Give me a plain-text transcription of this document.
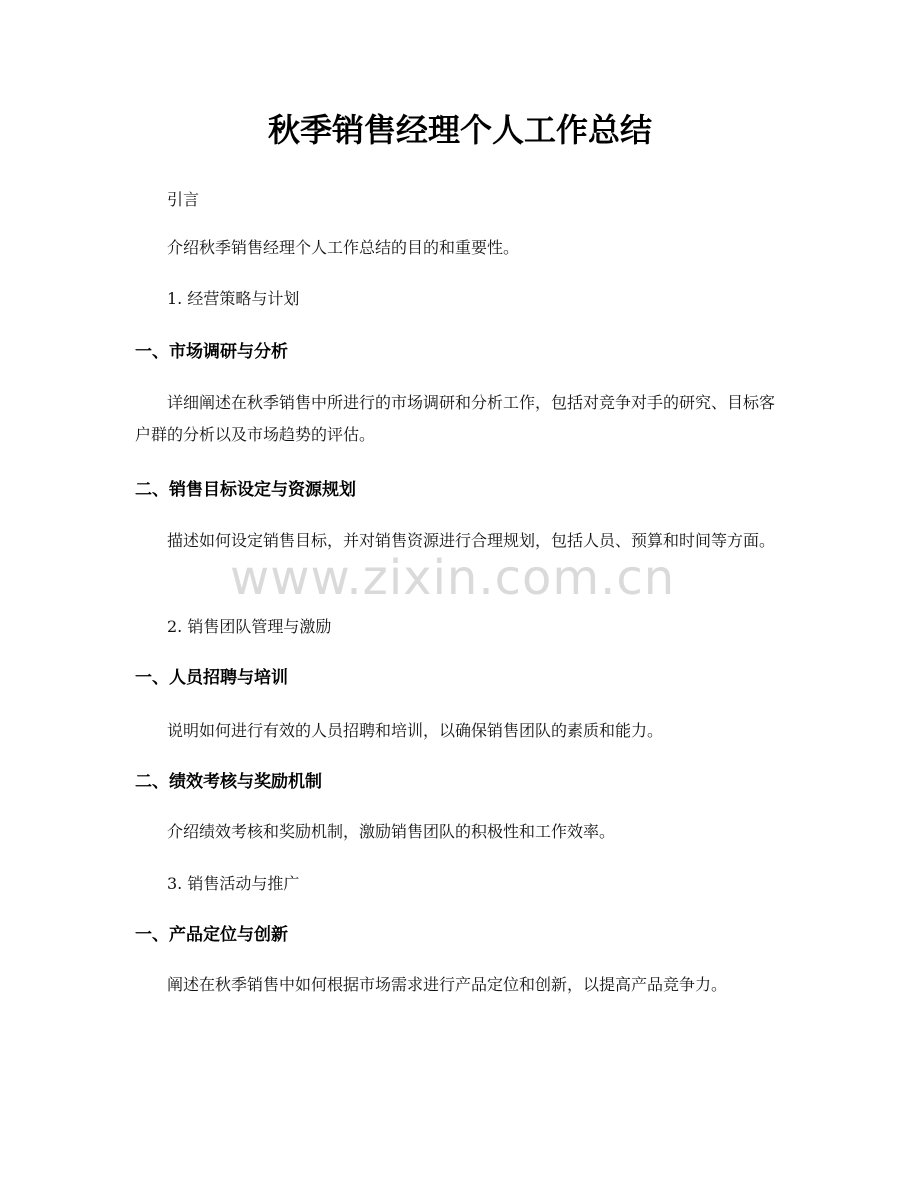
秋季销售经理个人工作总结

引言

介绍秋季销售经理个人工作总结的目的和重要性。

1. 经营策略与计划

一、市场调研与分析

详细阐述在秋季销售中所进行的市场调研和分析工作，包括对竞争对手的研究、目标客户群的分析以及市场趋势的评估。

二、销售目标设定与资源规划

描述如何设定销售目标，并对销售资源进行合理规划，包括人员、预算和时间等方面。

2. 销售团队管理与激励

一、人员招聘与培训

说明如何进行有效的人员招聘和培训，以确保销售团队的素质和能力。

二、绩效考核与奖励机制

介绍绩效考核和奖励机制，激励销售团队的积极性和工作效率。

3. 销售活动与推广

一、产品定位与创新

阐述在秋季销售中如何根据市场需求进行产品定位和创新，以提高产品竞争力。

www.zixin.com.cn
